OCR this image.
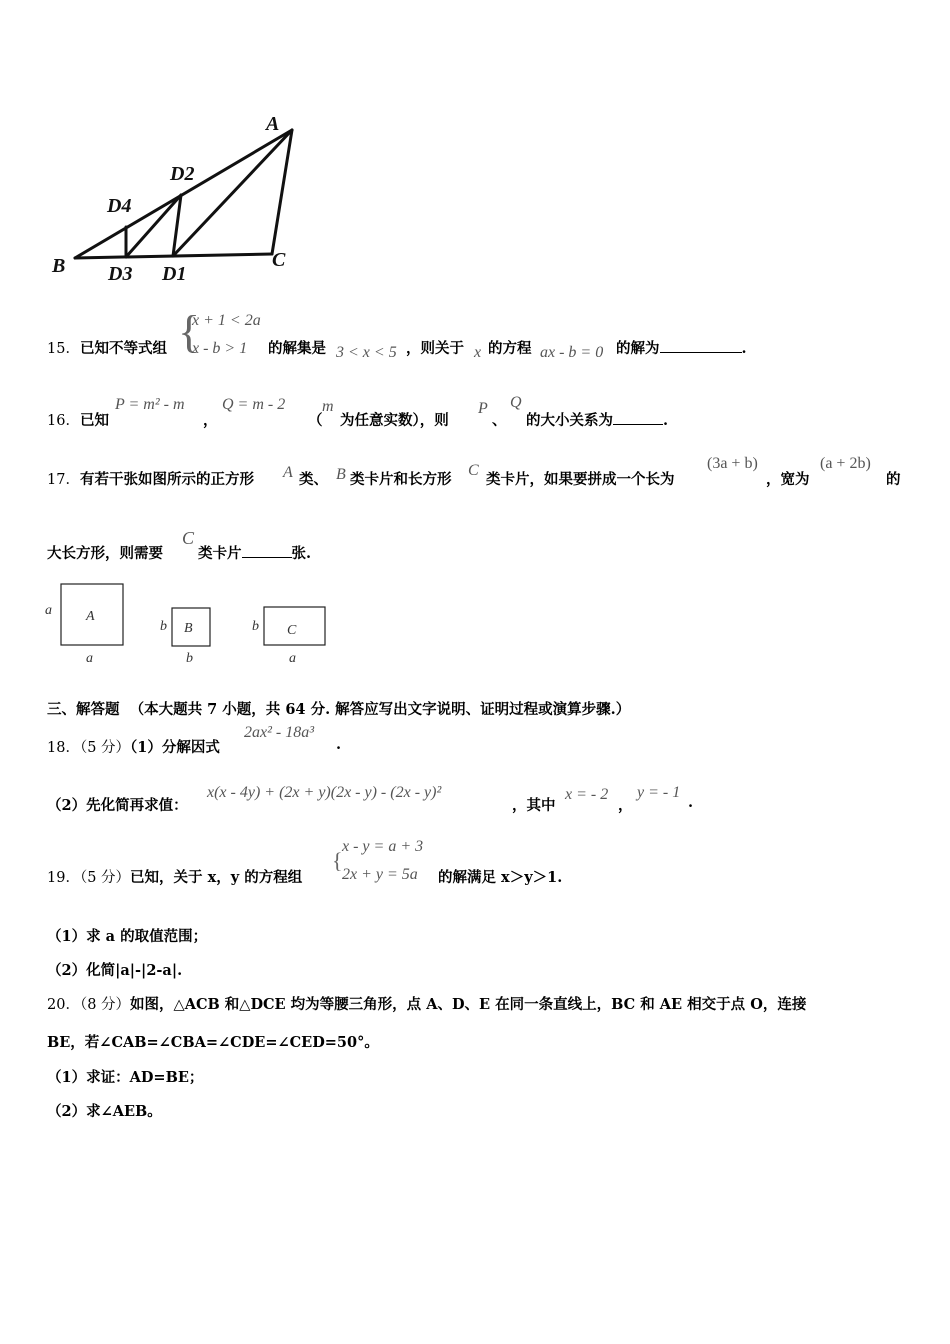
A
D2
D4
B D3 D1
C
15．已知不等式组 {
x + 1 < 2a
x - b > 1 的解集是 3 < x < 5 ，则关于 x 的方程 ax - b = 0 的解为	.
16．已知
P = m² - m
，
Q = m - 2
（
m
为任意实数），则
P
、
Q
的大小关系为	.
17．有若干张如图所示的正方形 A 类、 B 类卡片和长方形
C
类卡片，如果要拼成一个长为
(3a + b)
，宽为
(a + 2b)
的
大长方形，则需要
C
类卡片	张.
a A
a
b B
b
b C
a
三、解答题 （本大题共 7 小题，共 64 分. 解答应写出文字说明、证明过程或演算步骤.）
18．（5 分）（1）分解因式
2ax² - 18a³
.
（2）先化简再求值：
x(x - 4y) + (2x + y)(2x - y) - (2x - y)²
，其中
x = - 2
，
y = - 1
.
19．（5 分）已知，关于 x，y 的方程组
{
x - y = a + 3
2x + y = 5a 的解满足 x＞y＞1.
（1）求 a 的取值范围；
（2）化简|a|-|2-a|.
20．（8 分）如图，△ACB 和△DCE 均为等腰三角形，点 A、D、E 在同一条直线上，BC 和 AE 相交于点 O，连接
BE，若∠CAB=∠CBA=∠CDE=∠CED=50°。
（1）求证：AD=BE；
（2）求∠AEB。
